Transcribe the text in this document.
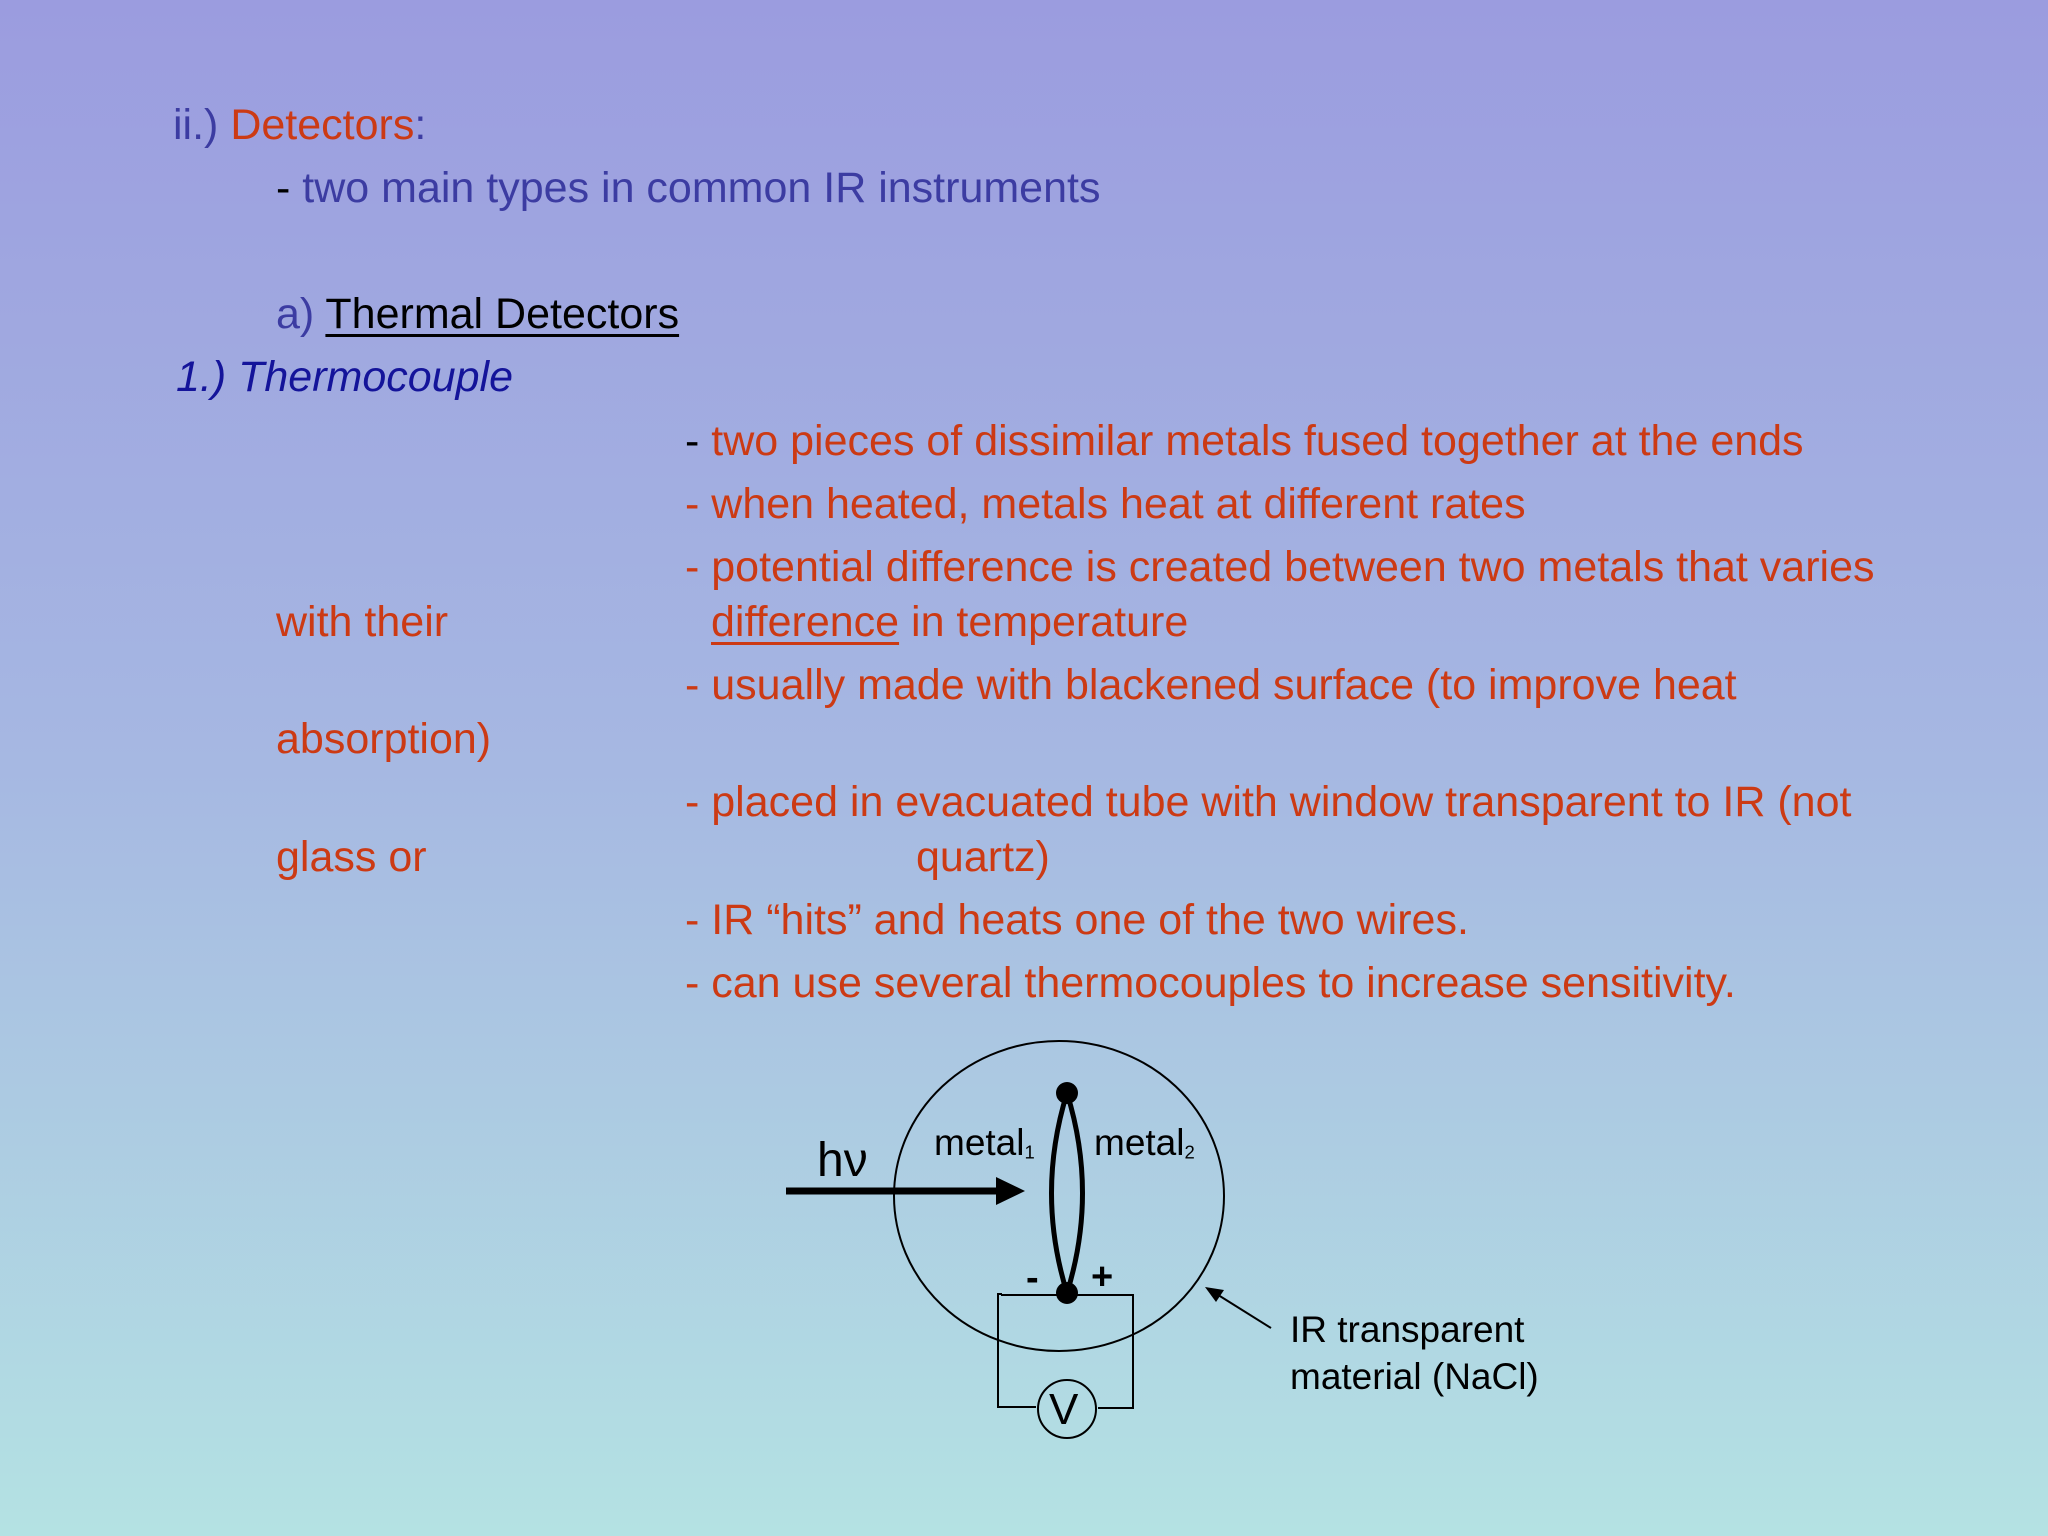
ii.) Detectors:
- two main types in common IR instruments
a) Thermal Detectors
1.) Thermocouple
- two pieces of dissimilar metals fused together at the ends
- when heated, metals heat at different rates
- potential difference is created between two metals that varies
with their	difference in temperature
- usually made with blackened surface (to improve heat
absorption)
- placed in evacuated tube with window transparent to IR (not
glass or	quartz)
- IR “hits” and heats one of the two wires.
- can use several thermocouples to increase sensitivity.
hν metal$_1$ metal$_2$
- +
V
IR transparent
material (NaCl)
